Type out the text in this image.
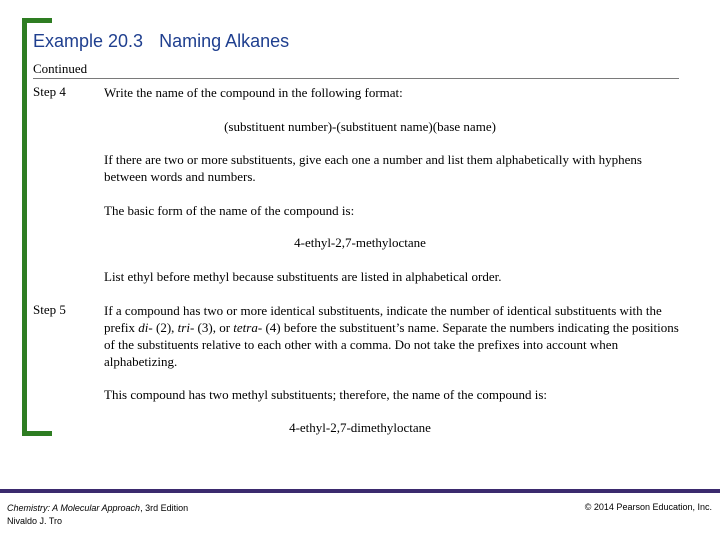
Example 20.3 Naming Alkanes
Continued
Step 4	Write the name of the compound in the following format:
(substituent number)-(substituent name)(base name)
If there are two or more substituents, give each one a number and list them alphabetically with hyphens between words and numbers.
The basic form of the name of the compound is:
4-ethyl-2,7-methyloctane
List ethyl before methyl because substituents are listed in alphabetical order.
Step 5	If a compound has two or more identical substituents, indicate the number of identical substituents with the prefix di- (2), tri- (3), or tetra- (4) before the substituent’s name. Separate the numbers indicating the positions of the substituents relative to each other with a comma. Do not take the prefixes into account when alphabetizing.
This compound has two methyl substituents; therefore, the name of the compound is:
4-ethyl-2,7-dimethyloctane
Chemistry: A Molecular Approach, 3rd Edition
Nivaldo J. Tro
© 2014 Pearson Education, Inc.
